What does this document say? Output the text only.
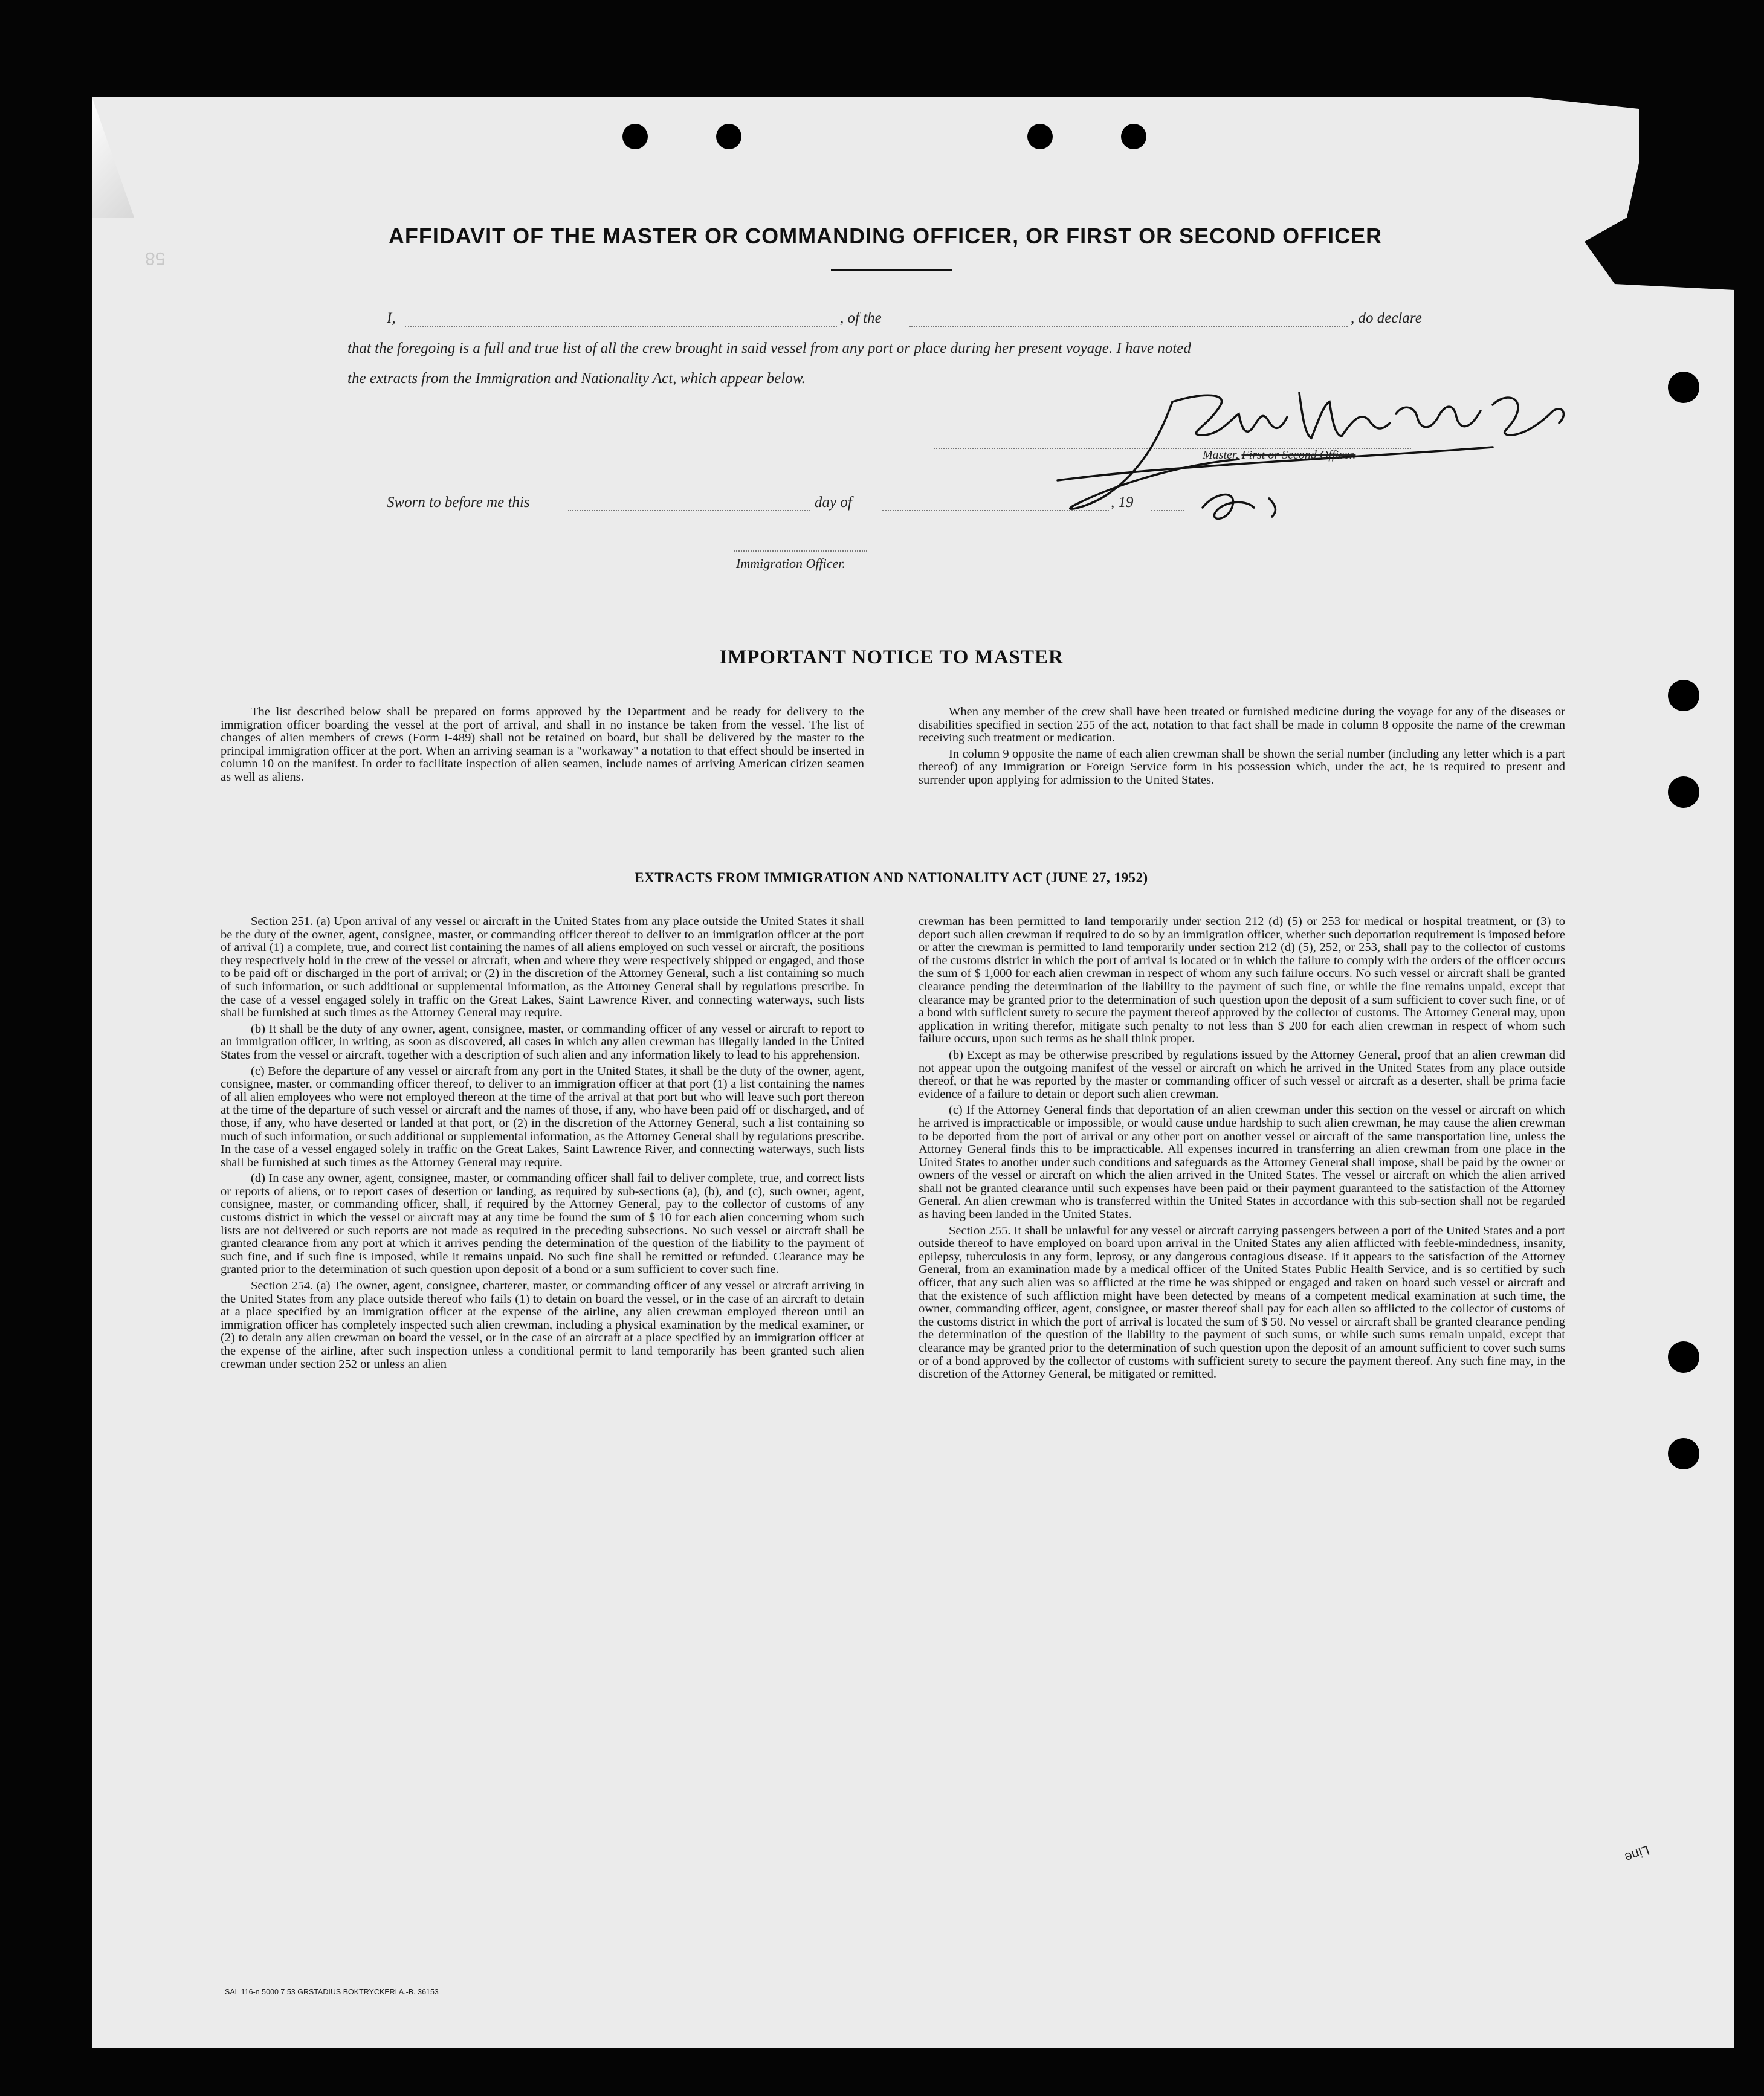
58
AFFIDAVIT OF THE MASTER OR COMMANDING OFFICER, OR FIRST OR SECOND OFFICER
I,	, of the	, do declare
that the foregoing is a full and true list of all the crew brought in said vessel from any port or place during her present voyage. I have noted
the extracts from the Immigration and Nationality Act, which appear below.
Master, First or Second Officer.
Sworn to before me this	day of	, 19
Immigration Officer.
IMPORTANT NOTICE TO MASTER

The list described below shall be prepared on forms approved by the Department and be ready for delivery to the immigration officer boarding the vessel at the port of arrival, and shall in no instance be taken from the vessel. The list of changes of alien members of crews (Form I-489) shall not be retained on board, but shall be delivered by the master to the principal immigration officer at the port. When an arriving seaman is a "workaway" a notation to that effect should be inserted in column 10 on the manifest. In order to facilitate inspection of alien seamen, include names of arriving American citizen seamen as well as aliens.

When any member of the crew shall have been treated or furnished medicine during the voyage for any of the diseases or disabilities specified in section 255 of the act, notation to that fact shall be made in column 8 opposite the name of the crewman receiving such treatment or medication.

In column 9 opposite the name of each alien crewman shall be shown the serial number (including any letter which is a part thereof) of any Immigration or Foreign Service form in his possession which, under the act, he is required to present and surrender upon applying for admission to the United States.

EXTRACTS FROM IMMIGRATION AND NATIONALITY ACT (JUNE 27, 1952)

Section 251. (a) Upon arrival of any vessel or aircraft in the United States from any place outside the United States it shall be the duty of the owner, agent, consignee, master, or commanding officer thereof to deliver to an immigration officer at the port of arrival (1) a complete, true, and correct list containing the names of all aliens employed on such vessel or aircraft, the positions they respectively hold in the crew of the vessel or aircraft, when and where they were respectively shipped or engaged, and those to be paid off or discharged in the port of arrival; or (2) in the discretion of the Attorney General, such a list containing so much of such information, or such additional or supplemental information, as the Attorney General shall by regulations prescribe. In the case of a vessel engaged solely in traffic on the Great Lakes, Saint Lawrence River, and connecting waterways, such lists shall be furnished at such times as the Attorney General may require.

(b) It shall be the duty of any owner, agent, consignee, master, or commanding officer of any vessel or aircraft to report to an immigration officer, in writing, as soon as discovered, all cases in which any alien crewman has illegally landed in the United States from the vessel or aircraft, together with a description of such alien and any information likely to lead to his apprehension.

(c) Before the departure of any vessel or aircraft from any port in the United States, it shall be the duty of the owner, agent, consignee, master, or commanding officer thereof, to deliver to an immigration officer at that port (1) a list containing the names of all alien employees who were not employed thereon at the time of the arrival at that port but who will leave such port thereon at the time of the departure of such vessel or aircraft and the names of those, if any, who have been paid off or discharged, and of those, if any, who have deserted or landed at that port, or (2) in the discretion of the Attorney General, such a list containing so much of such information, or such additional or supplemental information, as the Attorney General shall by regulations prescribe. In the case of a vessel engaged solely in traffic on the Great Lakes, Saint Lawrence River, and connecting waterways, such lists shall be furnished at such times as the Attorney General may require.

(d) In case any owner, agent, consignee, master, or commanding officer shall fail to deliver complete, true, and correct lists or reports of aliens, or to report cases of desertion or landing, as required by sub-sections (a), (b), and (c), such owner, agent, consignee, master, or commanding officer, shall, if required by the Attorney General, pay to the collector of customs of any customs district in which the vessel or aircraft may at any time be found the sum of $ 10 for each alien concerning whom such lists are not delivered or such reports are not made as required in the preceding subsections. No such vessel or aircraft shall be granted clearance from any port at which it arrives pending the determination of the question of the liability to the payment of such fine, and if such fine is imposed, while it remains unpaid. No such fine shall be remitted or refunded. Clearance may be granted prior to the determination of such question upon deposit of a bond or a sum sufficient to cover such fine.

Section 254. (a) The owner, agent, consignee, charterer, master, or commanding officer of any vessel or aircraft arriving in the United States from any place outside thereof who fails (1) to detain on board the vessel, or in the case of an aircraft to detain at a place specified by an immigration officer at the expense of the airline, any alien crewman employed thereon until an immigration officer has completely inspected such alien crewman, including a physical examination by the medical examiner, or (2) to detain any alien crewman on board the vessel, or in the case of an aircraft at a place specified by an immigration officer at the expense of the airline, after such inspection unless a conditional permit to land temporarily has been granted such alien crewman under section 252 or unless an alien

crewman has been permitted to land temporarily under section 212 (d) (5) or 253 for medical or hospital treatment, or (3) to deport such alien crewman if required to do so by an immigration officer, whether such deportation requirement is imposed before or after the crewman is permitted to land temporarily under section 212 (d) (5), 252, or 253, shall pay to the collector of customs of the customs district in which the port of arrival is located or in which the failure to comply with the orders of the officer occurs the sum of $ 1,000 for each alien crewman in respect of whom any such failure occurs. No such vessel or aircraft shall be granted clearance pending the determination of the liability to the payment of such fine, or while the fine remains unpaid, except that clearance may be granted prior to the determination of such question upon the deposit of a sum sufficient to cover such fine, or of a bond with sufficient surety to secure the payment thereof approved by the collector of customs. The Attorney General may, upon application in writing therefor, mitigate such penalty to not less than $ 200 for each alien crewman in respect of whom such failure occurs, upon such terms as he shall think proper.

(b) Except as may be otherwise prescribed by regulations issued by the Attorney General, proof that an alien crewman did not appear upon the outgoing manifest of the vessel or aircraft on which he arrived in the United States from any place outside thereof, or that he was reported by the master or commanding officer of such vessel or aircraft as a deserter, shall be prima facie evidence of a failure to detain or deport such alien crewman.

(c) If the Attorney General finds that deportation of an alien crewman under this section on the vessel or aircraft on which he arrived is impracticable or impossible, or would cause undue hardship to such alien crewman, he may cause the alien crewman to be deported from the port of arrival or any other port on another vessel or aircraft of the same transportation line, unless the Attorney General finds this to be impracticable. All expenses incurred in transferring an alien crewman from one place in the United States to another under such conditions and safeguards as the Attorney General shall impose, shall be paid by the owner or owners of the vessel or aircraft on which the alien arrived in the United States. The vessel or aircraft on which the alien arrived shall not be granted clearance until such expenses have been paid or their payment guaranteed to the satisfaction of the Attorney General. An alien crewman who is transferred within the United States in accordance with this sub-section shall not be regarded as having been landed in the United States.

Section 255. It shall be unlawful for any vessel or aircraft carrying passengers between a port of the United States and a port outside thereof to have employed on board upon arrival in the United States any alien afflicted with feeble-mindedness, insanity, epilepsy, tuberculosis in any form, leprosy, or any dangerous contagious disease. If it appears to the satisfaction of the Attorney General, from an examination made by a medical officer of the United States Public Health Service, and is so certified by such officer, that any such alien was so afflicted at the time he was shipped or engaged and taken on board such vessel or aircraft and that the existence of such affliction might have been detected by means of a competent medical examination at such time, the owner, commanding officer, agent, consignee, or master thereof shall pay for each alien so afflicted to the collector of customs of the customs district in which the port of arrival is located the sum of $ 50. No vessel or aircraft shall be granted clearance pending the determination of the question of the liability to the payment of such sums, or while such sums remain unpaid, except that clearance may be granted prior to the determination of such question upon the deposit of an amount sufficient to cover such sums or of a bond approved by the collector of customs with sufficient surety to secure the payment thereof. Any such fine may, in the discretion of the Attorney General, be mitigated or remitted.

SAL 116-n 5000 7 53 GRSTADIUS BOKTRYCKERI A.-B. 36153
Line
